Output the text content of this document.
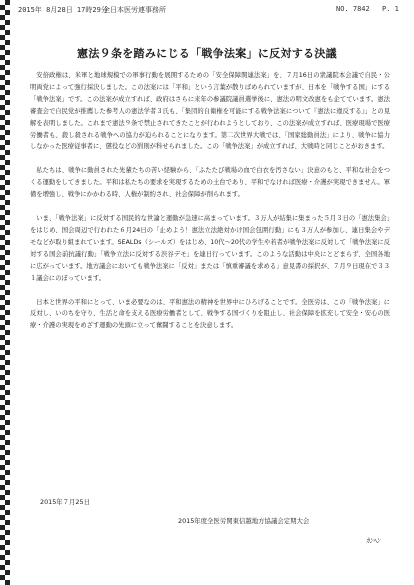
2015年 8月28日 17時29分
全日本医労連事務所	NO. 7842 P. 1
憲法９条を踏みにじる「戦争法案」に反対する決議

安倍政権は、米軍と地球規模での軍事行動を展開するための「安全保障関連法案」を、７月16日の衆議院本会議で自民・公明両党によって強行採決しました。この法案には「平和」という言葉が散りばめられていますが、日本を「戦争する国」にする「戦争法案」です。この法案が成立すれば、政府はさらに来年の参議院議員選挙後に、憲法の明文改憲をも企てています。憲法審査会で自民党が推薦した参考人の憲法学者３氏も、「集団的自衛権を可能にする戦争法案について『憲法に違反する』」との見解を表明しました。これまで憲法９条で禁止されてきたことが行われようとしており、この法案が成立すれば、医療現場で医療労働者も、殺し殺される戦争への協力が迫られることになります。第二次世界大戦では、「国家総動員法」により、戦争に協力しなかった医療従事者に、懲役などの罰則が科せられました。この「戦争法案」が成立すれば、大戦時と同じことがおきます。

私たちは、戦争に動員された先輩たちの苦い経験から、「ふたたび戦場の血で白衣を汚さない」決意のもと、平和な社会をつくる運動をしてきました。平和は私たちの要求を実現するための土台であり、平和でなければ医療・介護が実現できません。軍備を増強し、戦争にかかわる時、人権が制約され、社会保障が削られます。

いま、「戦争法案」に反対する国民的な世論と運動が急速に高まっています。３万人が結集に集まった５月３日の「憲法集会」をはじめ、国会周辺で行われた６月24日の「止めよう！憲法立法絶対かけ国会包囲行動」にも３万人が参加し、連日集会やデモなどが取り組まれています。SEALDs（シールズ）をはじめ、10代〜20代の学生や若者が戦争法案に反対して「戦争法案に反対する国会前抗議行動」「戦争立法に反対する渋谷デモ」を連日行っています。このような活動は中央にとどまらず、全国各地に広がっています。地方議会においても戦争法案に「反対」または「慎重審議を求める」意見書の採択が、７月９日現在で３３１議会にのぼっています。

日本と世界の平和にとって、いま必要なのは、平和憲法の精神を世界中にひろげることです。全医労は、この「戦争法案」に反対し、いのちを守り、生活と命を支える医療労働者として、戦争する国づくりを阻止し、社会保障を拡充して安全・安心の医療・介護の実現をめざす運動の先頭に立って奮闘することを決意します。

2015年７月25日
2015年度全医労関東信越地方協議会定期大会
ｶﾝﾍﾝ
